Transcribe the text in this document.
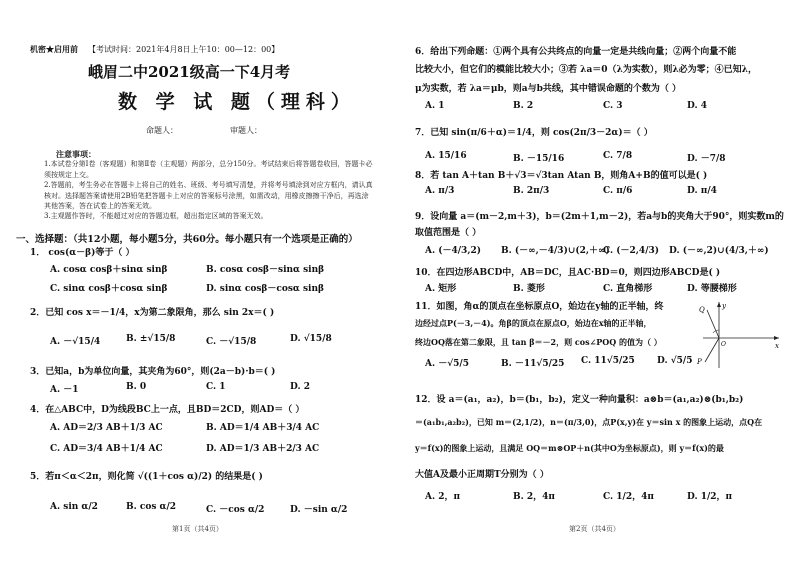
机密★启用前 【考试时间：2021年4月8日上午10：00—12：00】
峨眉二中2021级高一下4月考
数 学 试 题（理科）
命题人：	审题人：
注意事项：
1.本试卷分第Ⅰ卷（客观题）和第Ⅱ卷（主观题）两部分，总分150分。考试结束后将答题卷收回，答题卡必须按规定上交。
2.答题前，考生务必在答题卡上将自己的姓名、班级、考号填写清楚，并将考号填涂到对应方框内，请认真核对。选择题答案请使用2B铅笔把答题卡上对应的答案标号涂黑，如需改动，用橡皮擦擦干净后，再选涂其他答案，答在试卷上的答案无效。
3.主观题作答时，不能超过对应的答题边框，超出指定区域的答案无效。
一、选择题：（共12小题，每小题5分，共60分。每小题只有一个选项是正确的）
1． cos(α－β)等于（ ）
A. cosα cosβ＋sinα sinβ	B. cosα cosβ－sinα sinβ
C. sinα cosβ＋cosα sinβ	D. sinα cosβ－cosα sinβ
2．已知 cos x＝－1/4，x为第二象限角，那么 sin 2x＝( )
A. －√15/4	B. ±√15/8	C. －√15/8	D. √15/8
3．已知a，b为单位向量，其夹角为60°，则(2a－b)·b＝( )
A. －1	B. 0	C. 1	D. 2
4．在△ABC中，D为线段BC上一点，且BD＝2CD，则AD＝（ ）
A. AD＝2/3 AB＋1/3 AC	B. AD＝1/4 AB＋3/4 AC
C. AD＝3/4 AB＋1/4 AC	D. AD＝1/3 AB＋2/3 AC
5．若π＜α＜2π，则化简 √((1＋cos α)/2) 的结果是( )
A. sin α/2	B. cos α/2	C. －cos α/2	D. －sin α/2
第1页（共4页）
6．给出下列命题：①两个具有公共终点的向量一定是共线向量；②两个向量不能
比较大小，但它们的模能比较大小；③若 λa＝0（λ为实数），则λ必为零；④已知λ，
μ为实数，若 λa＝μb，则a与b共线，其中错误命题的个数为（ ）
A. 1	B. 2	C. 3	D. 4
7．已知 sin(π/6＋α)＝1/4，则 cos(2π/3－2α)＝（ ）
A. 15/16	B. －15/16	C. 7/8	D. －7/8
8．若 tan A＋tan B＋√3＝√3tan Atan B，则角A+B的值可以是( )
A. π/3	B. 2π/3	C. π/6	D. π/4
9．设向量 a＝(m－2,m＋3)，b＝(2m＋1,m－2)，若a与b的夹角大于90°，则实数m的
取值范围是（ ）
A. (－4/3,2) B. (－∞,－4/3)∪(2,＋∞)
C. (－2,4/3) D. (－∞,2)∪(4/3,＋∞)
10．在四边形ABCD中，AB＝DC，且AC·BD＝0，则四边形ABCD是( )
A. 矩形	B. 菱形	C. 直角梯形	D. 等腰梯形
11．如图，角α的顶点在坐标原点O，始边在y轴的正半轴，终
边经过点P(－3,－4)。角β的顶点在原点O，始边在x轴的正半轴，
终边OQ落在第二象限，且 tan β＝－2，则 cos∠POQ 的值为（ ）
A. －√5/5	B. －11√5/25 C. 11√5/25 D. √5/5
y
x
O
P
Q
12．设 a＝(a₁，a₂)，b＝(b₁，b₂)，定义一种向量积：a⊗b＝(a₁,a₂)⊗(b₁,b₂)
＝(a₁b₁,a₂b₂)，已知 m＝(2,1/2)，n＝(π/3,0)，点P(x,y)在 y＝sin x 的图象上运动，点Q在
y＝f(x)的图象上运动，且满足 OQ＝m⊗OP＋n(其中O为坐标原点)，则 y＝f(x)的最
大值A及最小正周期T分别为（ ）
A. 2，π	B. 2，4π	C. 1/2，4π	D. 1/2，π
第2页（共4页）
